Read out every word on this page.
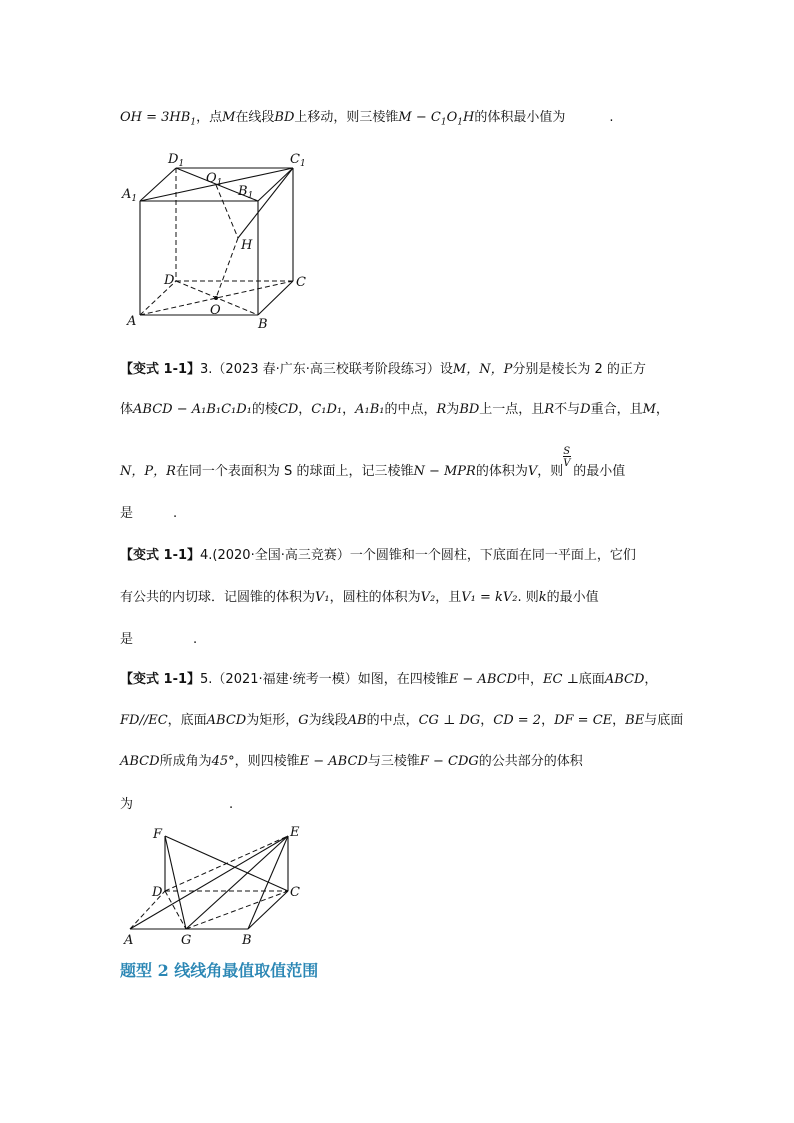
OH = $3HB_1$，点M在线段BD上移动，则三棱锥$M - C_1O_1H$的体积最小值为	.
$D_1$	$C_1$
$O_1$
$A_1$	$B_1$
H
D	C
O
A	B
【变式 1-1】3.（2023 春·广东·高三校联考阶段练习）设M，N，P分别是棱长为 2 的正方
体ABCD − A₁B₁C₁D₁的棱CD，C₁D₁，A₁B₁的中点，R为BD上一点，且R不与D重合，且M，
N，P，R在同一个表面积为 S 的球面上，记三棱锥N − MPR的体积为V，则
S
V
的最小值
是	.
【变式 1-1】4.(2020·全国·高三竞赛）一个圆锥和一个圆柱，下底面在同一平面上，它们
有公共的内切球．记圆锥的体积为V₁，圆柱的体积为V₂，且V₁ = kV₂. 则k的最小值
是	.
【变式 1-1】5.（2021·福建·统考一模）如图，在四棱锥E − ABCD中，EC ⊥底面ABCD，
FD//EC，底面ABCD为矩形，G为线段AB的中点，CG ⊥ DG，CD = 2，DF = CE，BE与底面
ABCD所成角为45°，则四棱锥E − ABCD与三棱锥F − CDG的公共部分的体积
为	.
F	E
D	C
A	G	B
题型 2 线线角最值取值范围
